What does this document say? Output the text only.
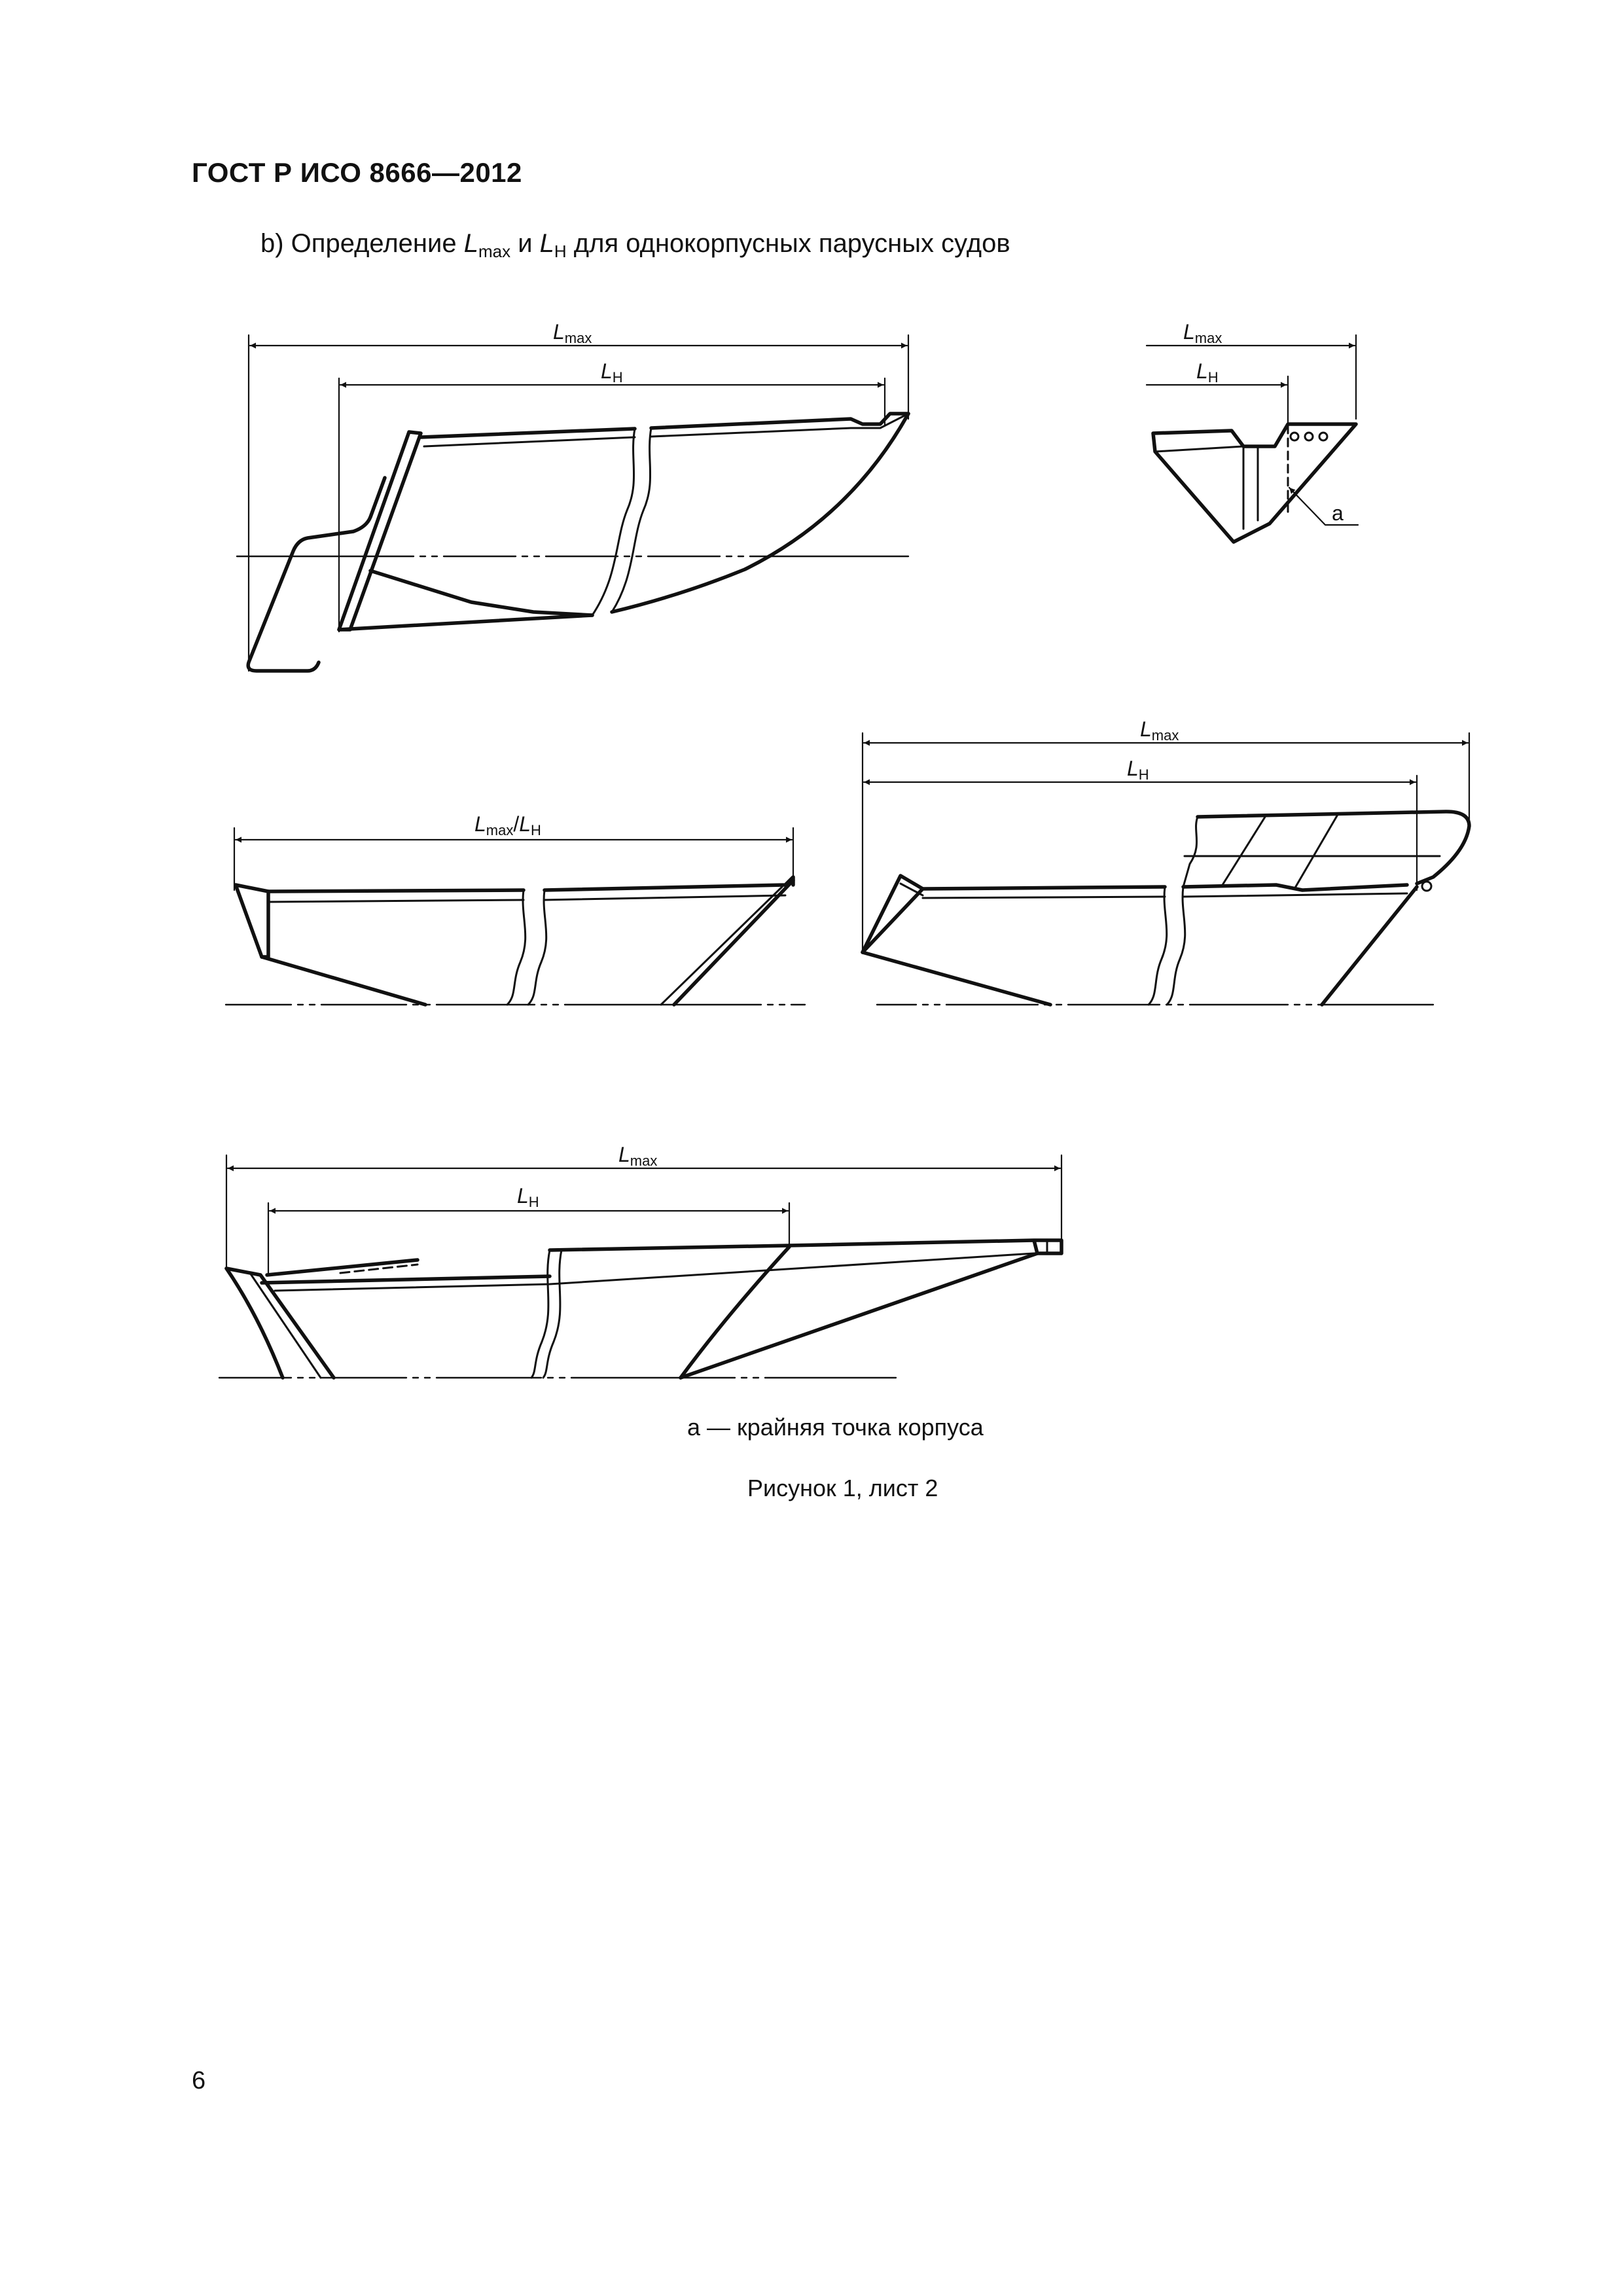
ГОСТ Р ИСО 8666—2012
b) Определение $L_{max}$ и $L_H$ для однокорпусных парусных судов
Lmax
LH
Lmax
LH
a
Lmax/LH
Lmax
LH
Lmax
LH
а — крайняя точка корпуса
Рисунок 1, лист 2
6
